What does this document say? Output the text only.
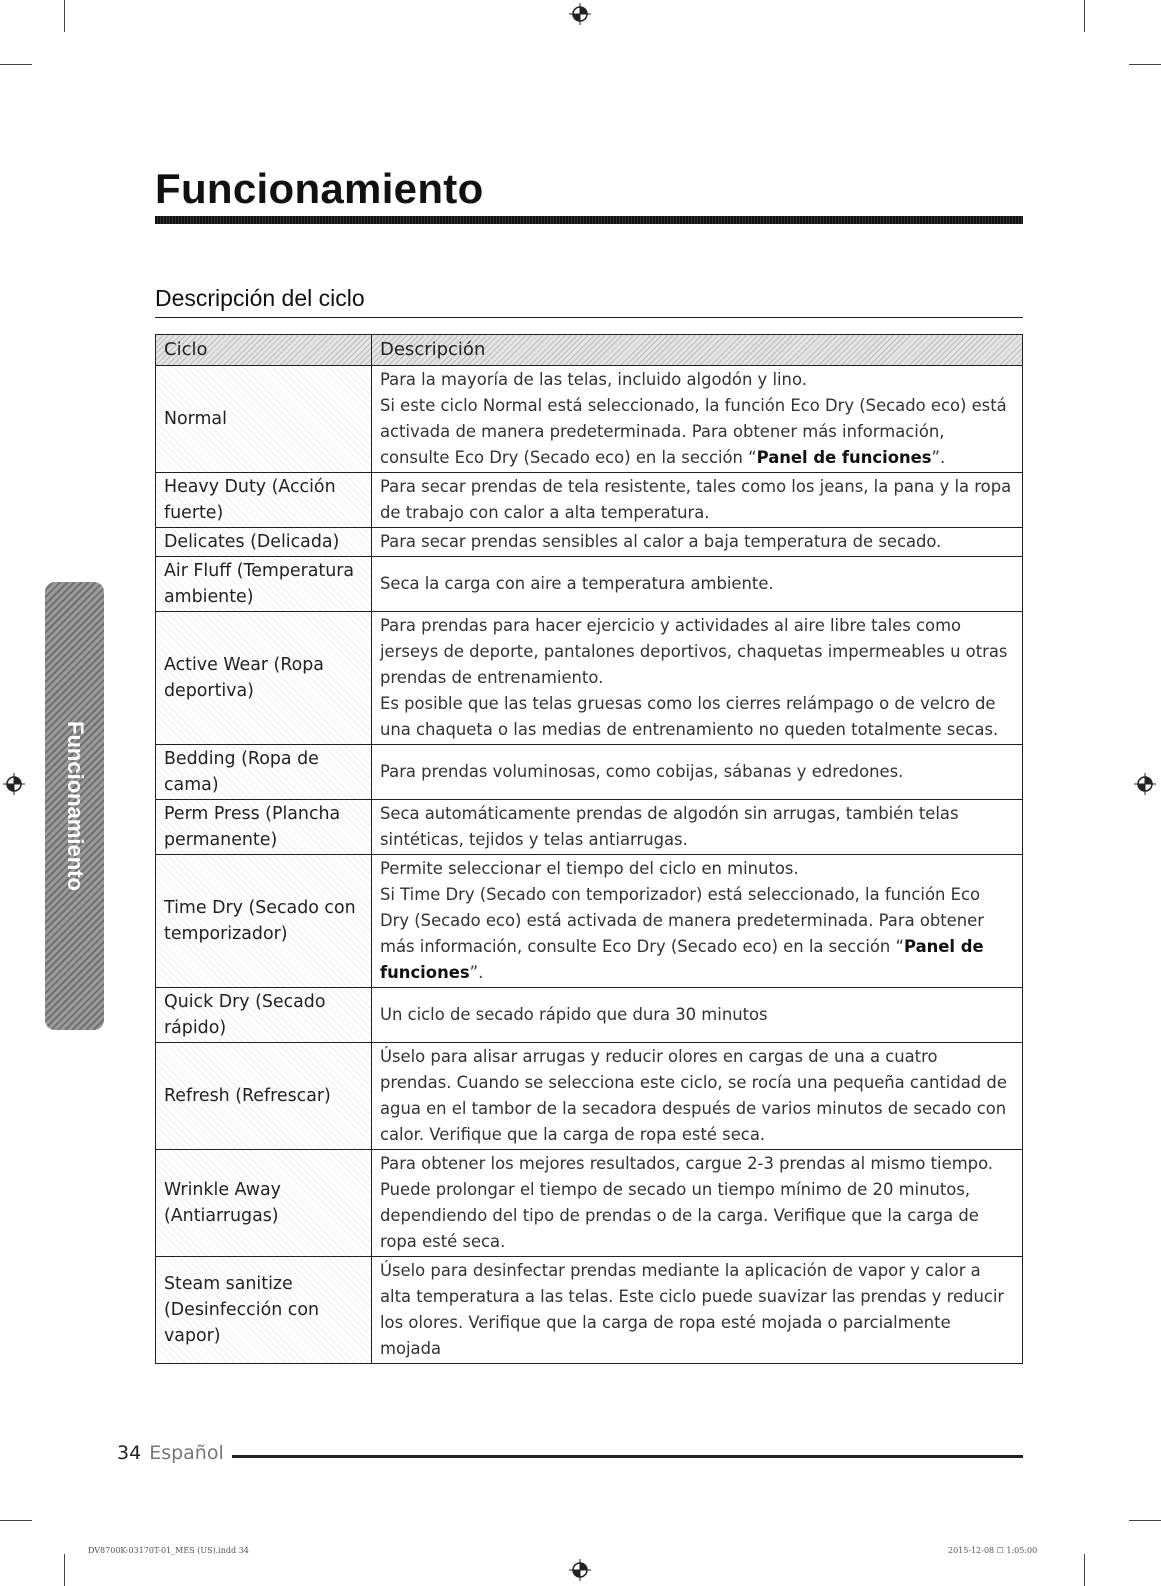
Funcionamiento
Descripción del ciclo
Ciclo	Descripción
Normal	Para la mayoría de las telas, incluido algodón y lino.

Si este ciclo Normal está seleccionado, la función Eco Dry (Secado eco) está activada de manera predeterminada. Para obtener más información, consulte Eco Dry (Secado eco) en la sección “Panel de funciones”.

Heavy Duty (Acción fuerte)	Para secar prendas de tela resistente, tales como los jeans, la pana y la ropa de trabajo con calor a alta temperatura.

Delicates (Delicada)	Para secar prendas sensibles al calor a baja temperatura de secado.

Air Fluff (Temperatura ambiente)	Seca la carga con aire a temperatura ambiente.

Active Wear (Ropa deportiva)	Para prendas para hacer ejercicio y actividades al aire libre tales como jerseys de deporte, pantalones deportivos, chaquetas impermeables u otras prendas de entrenamiento.

Es posible que las telas gruesas como los cierres relámpago o de velcro de una chaqueta o las medias de entrenamiento no queden totalmente secas.

Bedding (Ropa de cama)	Para prendas voluminosas, como cobijas, sábanas y edredones.

Perm Press (Plancha permanente)	Seca automáticamente prendas de algodón sin arrugas, también telas sintéticas, tejidos y telas antiarrugas.

Time Dry (Secado con temporizador)	Permite seleccionar el tiempo del ciclo en minutos.

Si Time Dry (Secado con temporizador) está seleccionado, la función Eco Dry (Secado eco) está activada de manera predeterminada. Para obtener más información, consulte Eco Dry (Secado eco) en la sección “Panel de funciones”.

Quick Dry (Secado rápido)	Un ciclo de secado rápido que dura 30 minutos

Refresh (Refrescar)	Úselo para alisar arrugas y reducir olores en cargas de una a cuatro prendas. Cuando se selecciona este ciclo, se rocía una pequeña cantidad de agua en el tambor de la secadora después de varios minutos de secado con calor. Verifique que la carga de ropa esté seca.

Wrinkle Away (Antiarrugas)	Para obtener los mejores resultados, cargue 2-3 prendas al mismo tiempo. Puede prolongar el tiempo de secado un tiempo mínimo de 20 minutos, dependiendo del tipo de prendas o de la carga. Verifique que la carga de ropa esté seca.

Steam sanitize (Desinfección con vapor)	Úselo para desinfectar prendas mediante la aplicación de vapor y calor a alta temperatura a las telas. Este ciclo puede suavizar las prendas y reducir los olores. Verifique que la carga de ropa esté mojada o parcialmente mojada

Funcionamiento
34 Español
DV8700K-03170T-01_MES (US).indd 34	2015-12-08 ☐ 1:05:00
